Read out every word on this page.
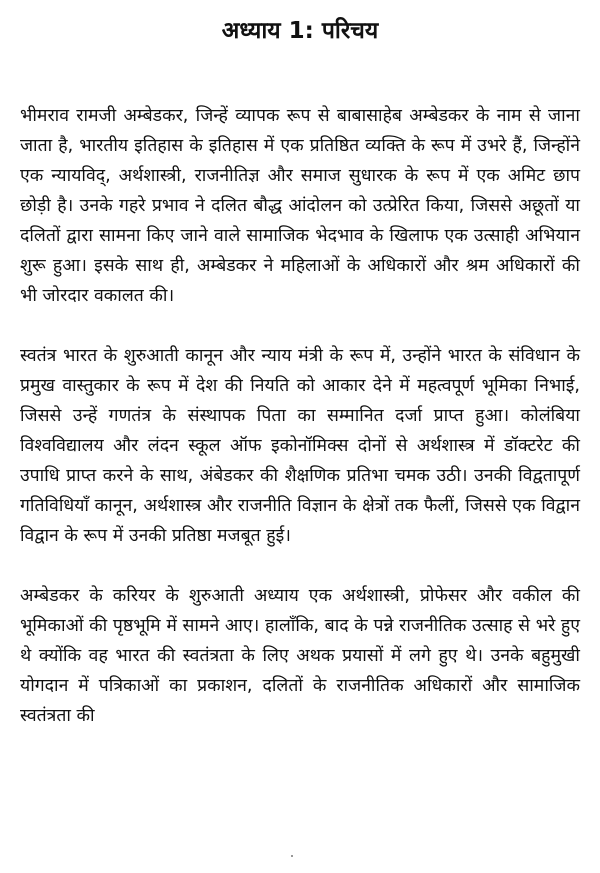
अध्याय 1: परिचय

भीमराव रामजी अम्बेडकर, जिन्हें व्यापक रूप से बाबासाहेब अम्बेडकर के नाम से जाना जाता है, भारतीय इतिहास के इतिहास में एक प्रतिष्ठित व्यक्ति के रूप में उभरे हैं, जिन्होंने एक न्यायविद्, अर्थशास्त्री, राजनीतिज्ञ और समाज सुधारक के रूप में एक अमिट छाप छोड़ी है। उनके गहरे प्रभाव ने दलित बौद्ध आंदोलन को उत्प्रेरित किया, जिससे अछूतों या दलितों द्वारा सामना किए जाने वाले सामाजिक भेदभाव के खिलाफ एक उत्साही अभियान शुरू हुआ। इसके साथ ही, अम्बेडकर ने महिलाओं के अधिकारों और श्रम अधिकारों की भी जोरदार वकालत की।

स्वतंत्र भारत के शुरुआती कानून और न्याय मंत्री के रूप में, उन्होंने भारत के संविधान के प्रमुख वास्तुकार के रूप में देश की नियति को आकार देने में महत्वपूर्ण भूमिका निभाई, जिससे उन्हें गणतंत्र के संस्थापक पिता का सम्मानित दर्जा प्राप्त हुआ। कोलंबिया विश्वविद्यालय और लंदन स्कूल ऑफ इकोनॉमिक्स दोनों से अर्थशास्त्र में डॉक्टरेट की उपाधि प्राप्त करने के साथ, अंबेडकर की शैक्षणिक प्रतिभा चमक उठी। उनकी विद्वतापूर्ण गतिविधियाँ कानून, अर्थशास्त्र और राजनीति विज्ञान के क्षेत्रों तक फैलीं, जिससे एक विद्वान विद्वान के रूप में उनकी प्रतिष्ठा मजबूत हुई।

अम्बेडकर के करियर के शुरुआती अध्याय एक अर्थशास्त्री, प्रोफेसर और वकील की भूमिकाओं की पृष्ठभूमि में सामने आए। हालाँकि, बाद के पन्ने राजनीतिक उत्साह से भरे हुए थे क्योंकि वह भारत की स्वतंत्रता के लिए अथक प्रयासों में लगे हुए थे। उनके बहुमुखी योगदान में पत्रिकाओं का प्रकाशन, दलितों के राजनीतिक अधिकारों और सामाजिक स्वतंत्रता की
